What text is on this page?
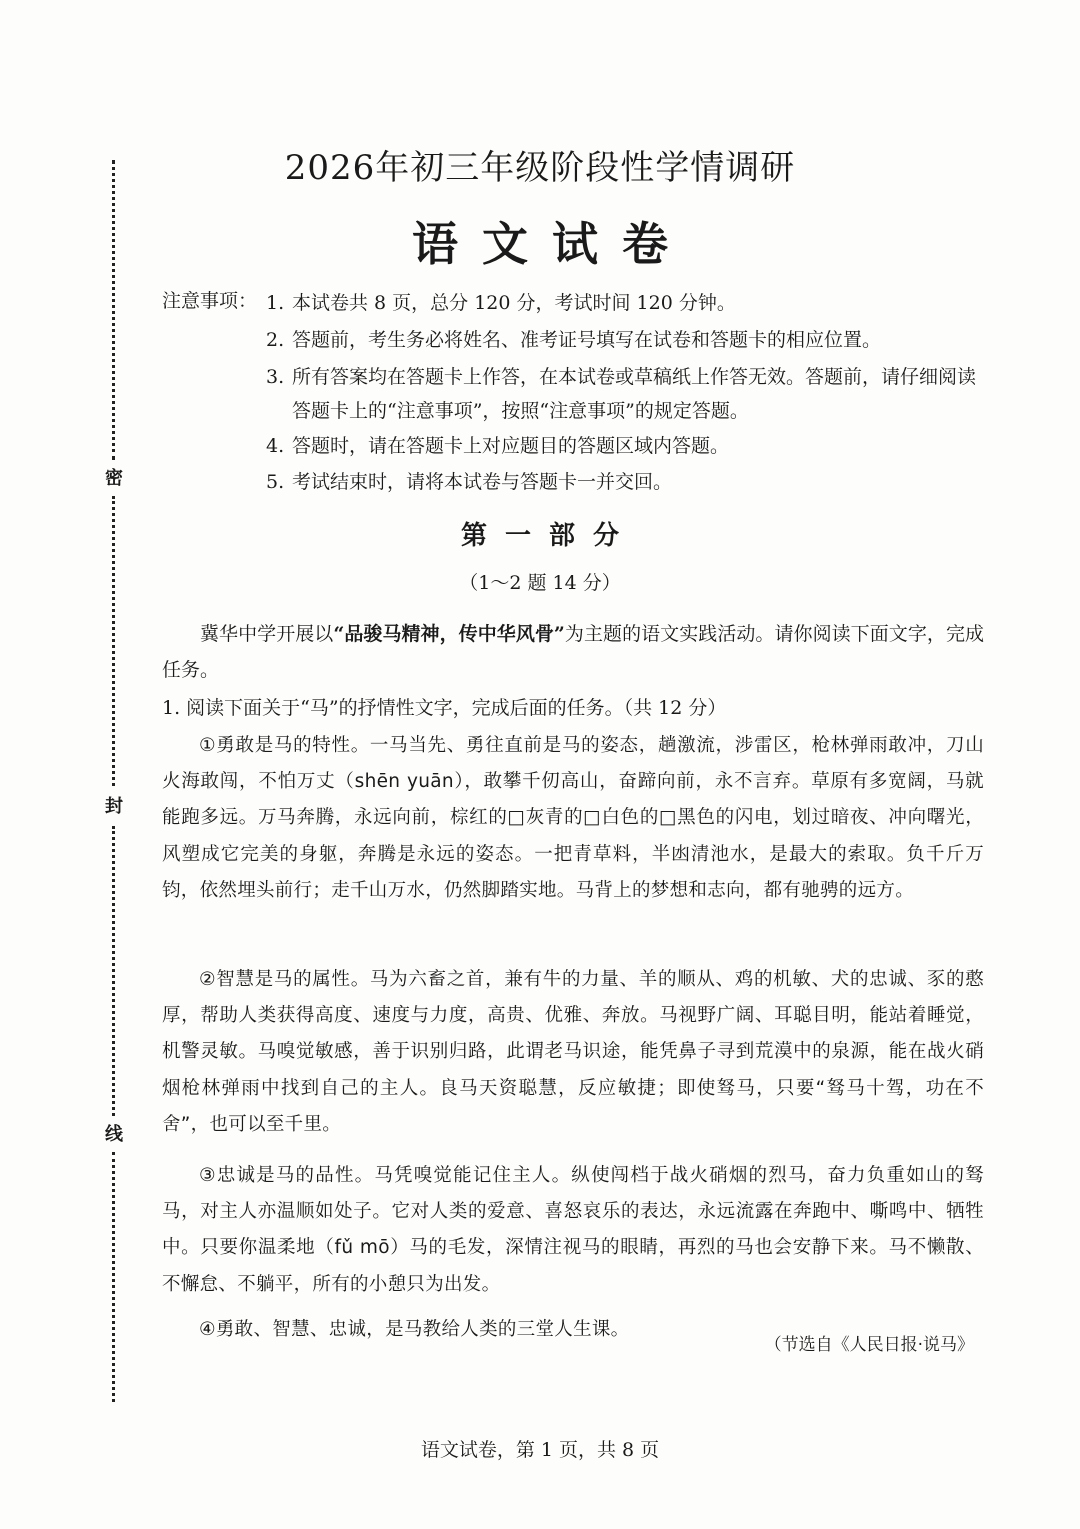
密
封
线
2026年初三年级阶段性学情调研
语文试卷
注意事项： 1. 本试卷共 8 页，总分 120 分，考试时间 120 分钟。
2. 答题前，考生务必将姓名、准考证号填写在试卷和答题卡的相应位置。
3. 所有答案均在答题卡上作答，在本试卷或草稿纸上作答无效。答题前，请仔细阅读答题卡上的“注意事项”，按照“注意事项”的规定答题。
4. 答题时，请在答题卡上对应题目的答题区域内答题。
5. 考试结束时，请将本试卷与答题卡一并交回。
第一部分
（1～2 题 14 分）
冀华中学开展以“品骏马精神，传中华风骨”为主题的语文实践活动。请你阅读下面文字，完成任务。
1. 阅读下面关于“马”的抒情性文字，完成后面的任务。（共 12 分）
①勇敢是马的特性。一马当先、勇往直前是马的姿态，趟激流，涉雷区，枪林弹雨敢冲，刀山火海敢闯，不怕万丈（shēn yuān），敢攀千仞高山，奋蹄向前，永不言弃。草原有多宽阔，马就能跑多远。万马奔腾，永远向前，棕红的□灰青的□白色的□黑色的闪电，划过暗夜、冲向曙光，风塑成它完美的身躯，奔腾是永远的姿态。一把青草料，半凼清池水，是最大的索取。负千斤万钧，依然埋头前行；走千山万水，仍然脚踏实地。马背上的梦想和志向，都有驰骋的远方。
②智慧是马的属性。马为六畜之首，兼有牛的力量、羊的顺从、鸡的机敏、犬的忠诚、豕的憨厚，帮助人类获得高度、速度与力度，高贵、优雅、奔放。马视野广阔、耳聪目明，能站着睡觉，机警灵敏。马嗅觉敏感，善于识别归路，此谓老马识途，能凭鼻子寻到荒漠中的泉源，能在战火硝烟枪林弹雨中找到自己的主人。良马天资聪慧，反应敏捷；即使驽马，只要“驽马十驾，功在不舍”，也可以至千里。
③忠诚是马的品性。马凭嗅觉能记住主人。纵使闯档于战火硝烟的烈马，奋力负重如山的驽马，对主人亦温顺如处子。它对人类的爱意、喜怒哀乐的表达，永远流露在奔跑中、嘶鸣中、牺牲中。只要你温柔地（fǔ mō）马的毛发，深情注视马的眼睛，再烈的马也会安静下来。马不懒散、不懈怠、不躺平，所有的小憩只为出发。
④勇敢、智慧、忠诚，是马教给人类的三堂人生课。
（节选自《人民日报·说马》
语文试卷，第 1 页，共 8 页
